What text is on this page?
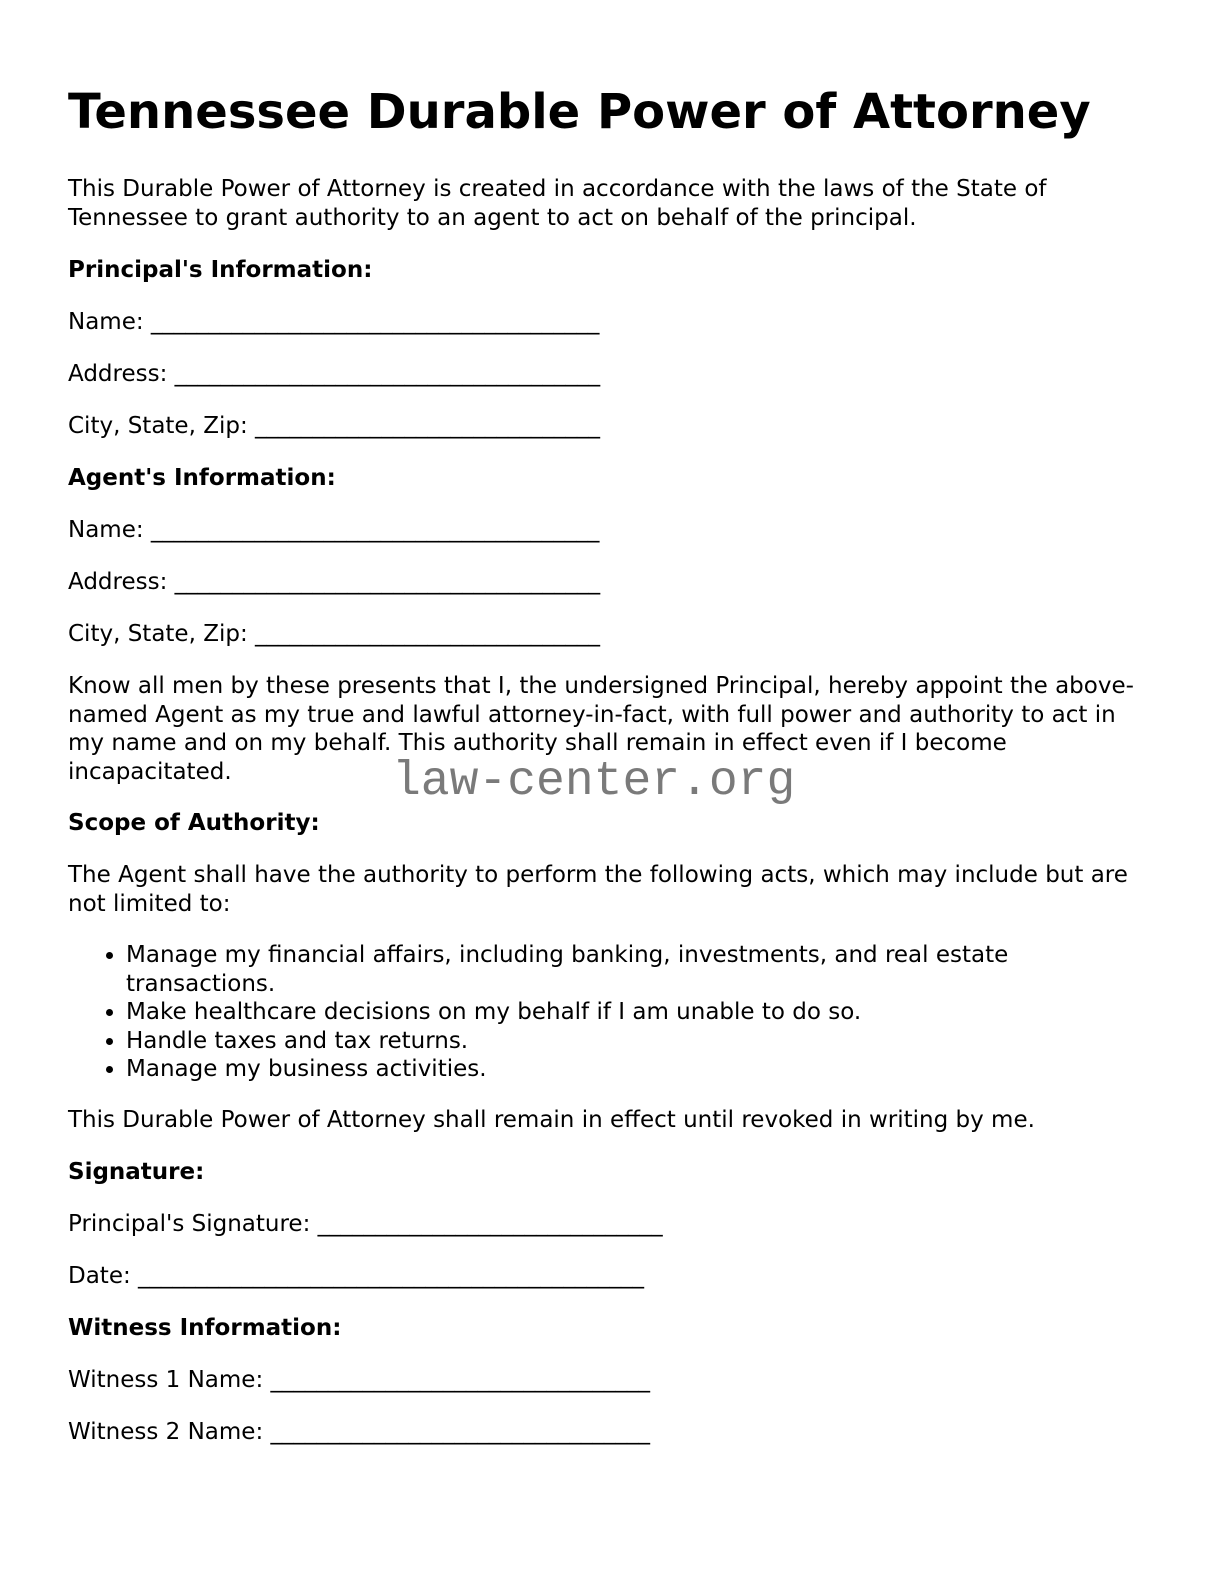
Tennessee Durable Power of Attorney

This Durable Power of Attorney is created in accordance with the laws of the State of Tennessee to grant authority to an agent to act on behalf of the principal.

Principal's Information:
Name: _______________________________________
Address: _____________________________________
City, State, Zip: ______________________________
Agent's Information:
Name: _______________________________________
Address: _____________________________________
City, State, Zip: ______________________________

Know all men by these presents that I, the undersigned Principal, hereby appoint the above-named Agent as my true and lawful attorney-in-fact, with full power and authority to act in my name and on my behalf. This authority shall remain in effect even if I become incapacitated.

Scope of Authority:

The Agent shall have the authority to perform the following acts, which may include but are not limited to:

• Manage my financial affairs, including banking, investments, and real estate transactions.
• Make healthcare decisions on my behalf if I am unable to do so.
• Handle taxes and tax returns.
• Manage my business activities.

This Durable Power of Attorney shall remain in effect until revoked in writing by me.

Signature:
Principal's Signature: ______________________________
Date: ____________________________________________
Witness Information:
Witness 1 Name: _________________________________
Witness 2 Name: _________________________________
law-center.org
